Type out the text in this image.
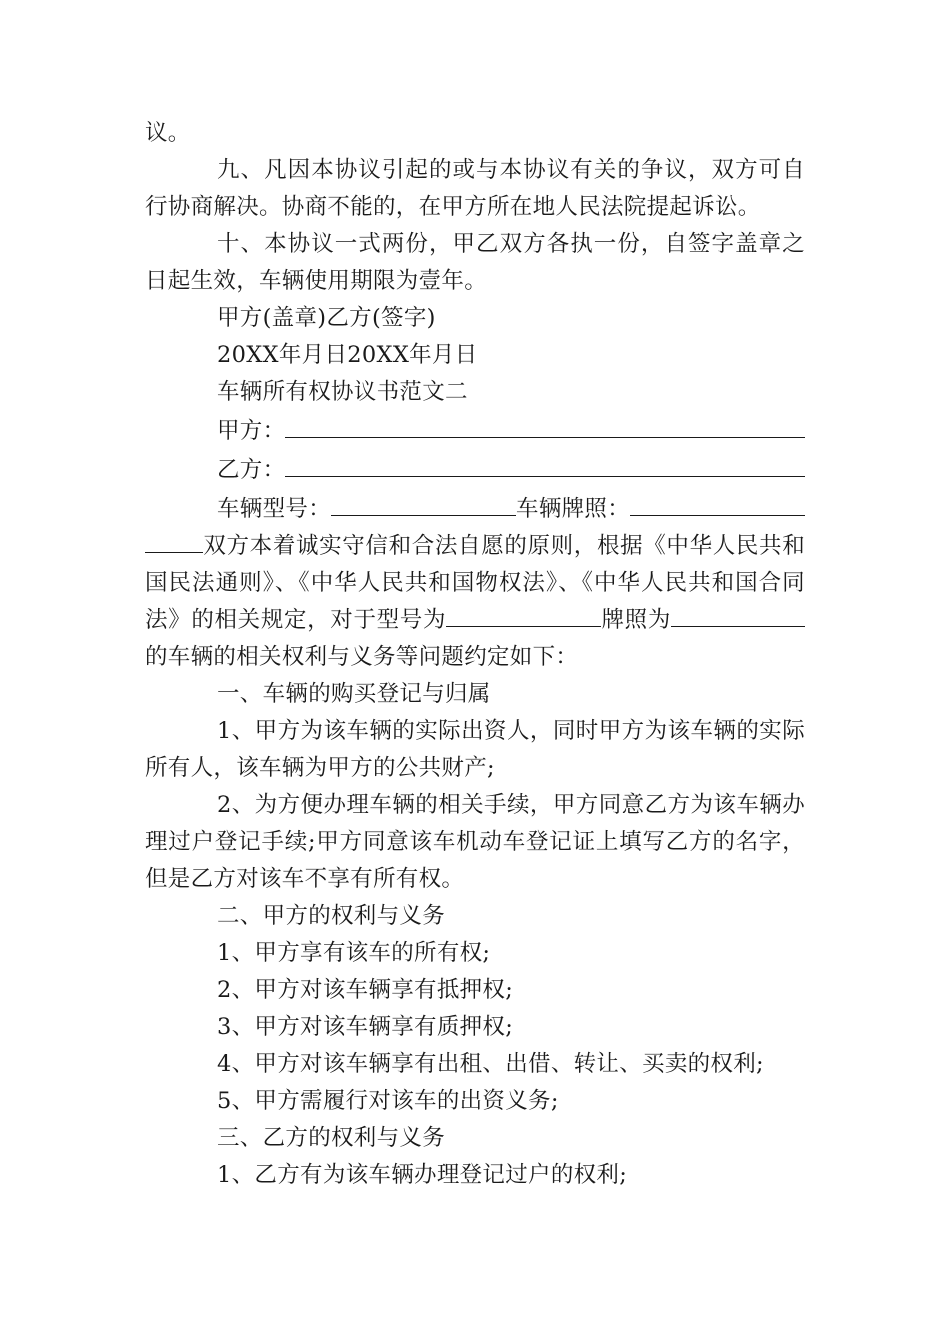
议。

九、凡因本协议引起的或与本协议有关的争议，双方可自行协商解决。协商不能的，在甲方所在地人民法院提起诉讼。

十、本协议一式两份，甲乙双方各执一份，自签字盖章之日起生效，车辆使用期限为壹年。

甲方(盖章)乙方(签字)

20XX年月日20XX年月日

车辆所有权协议书范文二

甲方：
乙方：
车辆型号：	车辆牌照：

双方本着诚实守信和合法自愿的原则，根据《中华人民共和国民法通则》、《中华人民共和国物权法》、《中华人民共和国合同法》的相关规定，对于型号为	牌照为的车辆的相关权利与义务等问题约定如下：

一、车辆的购买登记与归属

1、甲方为该车辆的实际出资人，同时甲方为该车辆的实际所有人，该车辆为甲方的公共财产;

2、为方便办理车辆的相关手续，甲方同意乙方为该车辆办理过户登记手续;甲方同意该车机动车登记证上填写乙方的名字，但是乙方对该车不享有所有权。

二、甲方的权利与义务

1、甲方享有该车的所有权;

2、甲方对该车辆享有抵押权;

3、甲方对该车辆享有质押权;

4、甲方对该车辆享有出租、出借、转让、买卖的权利;

5、甲方需履行对该车的出资义务;

三、乙方的权利与义务

1、乙方有为该车辆办理登记过户的权利;
